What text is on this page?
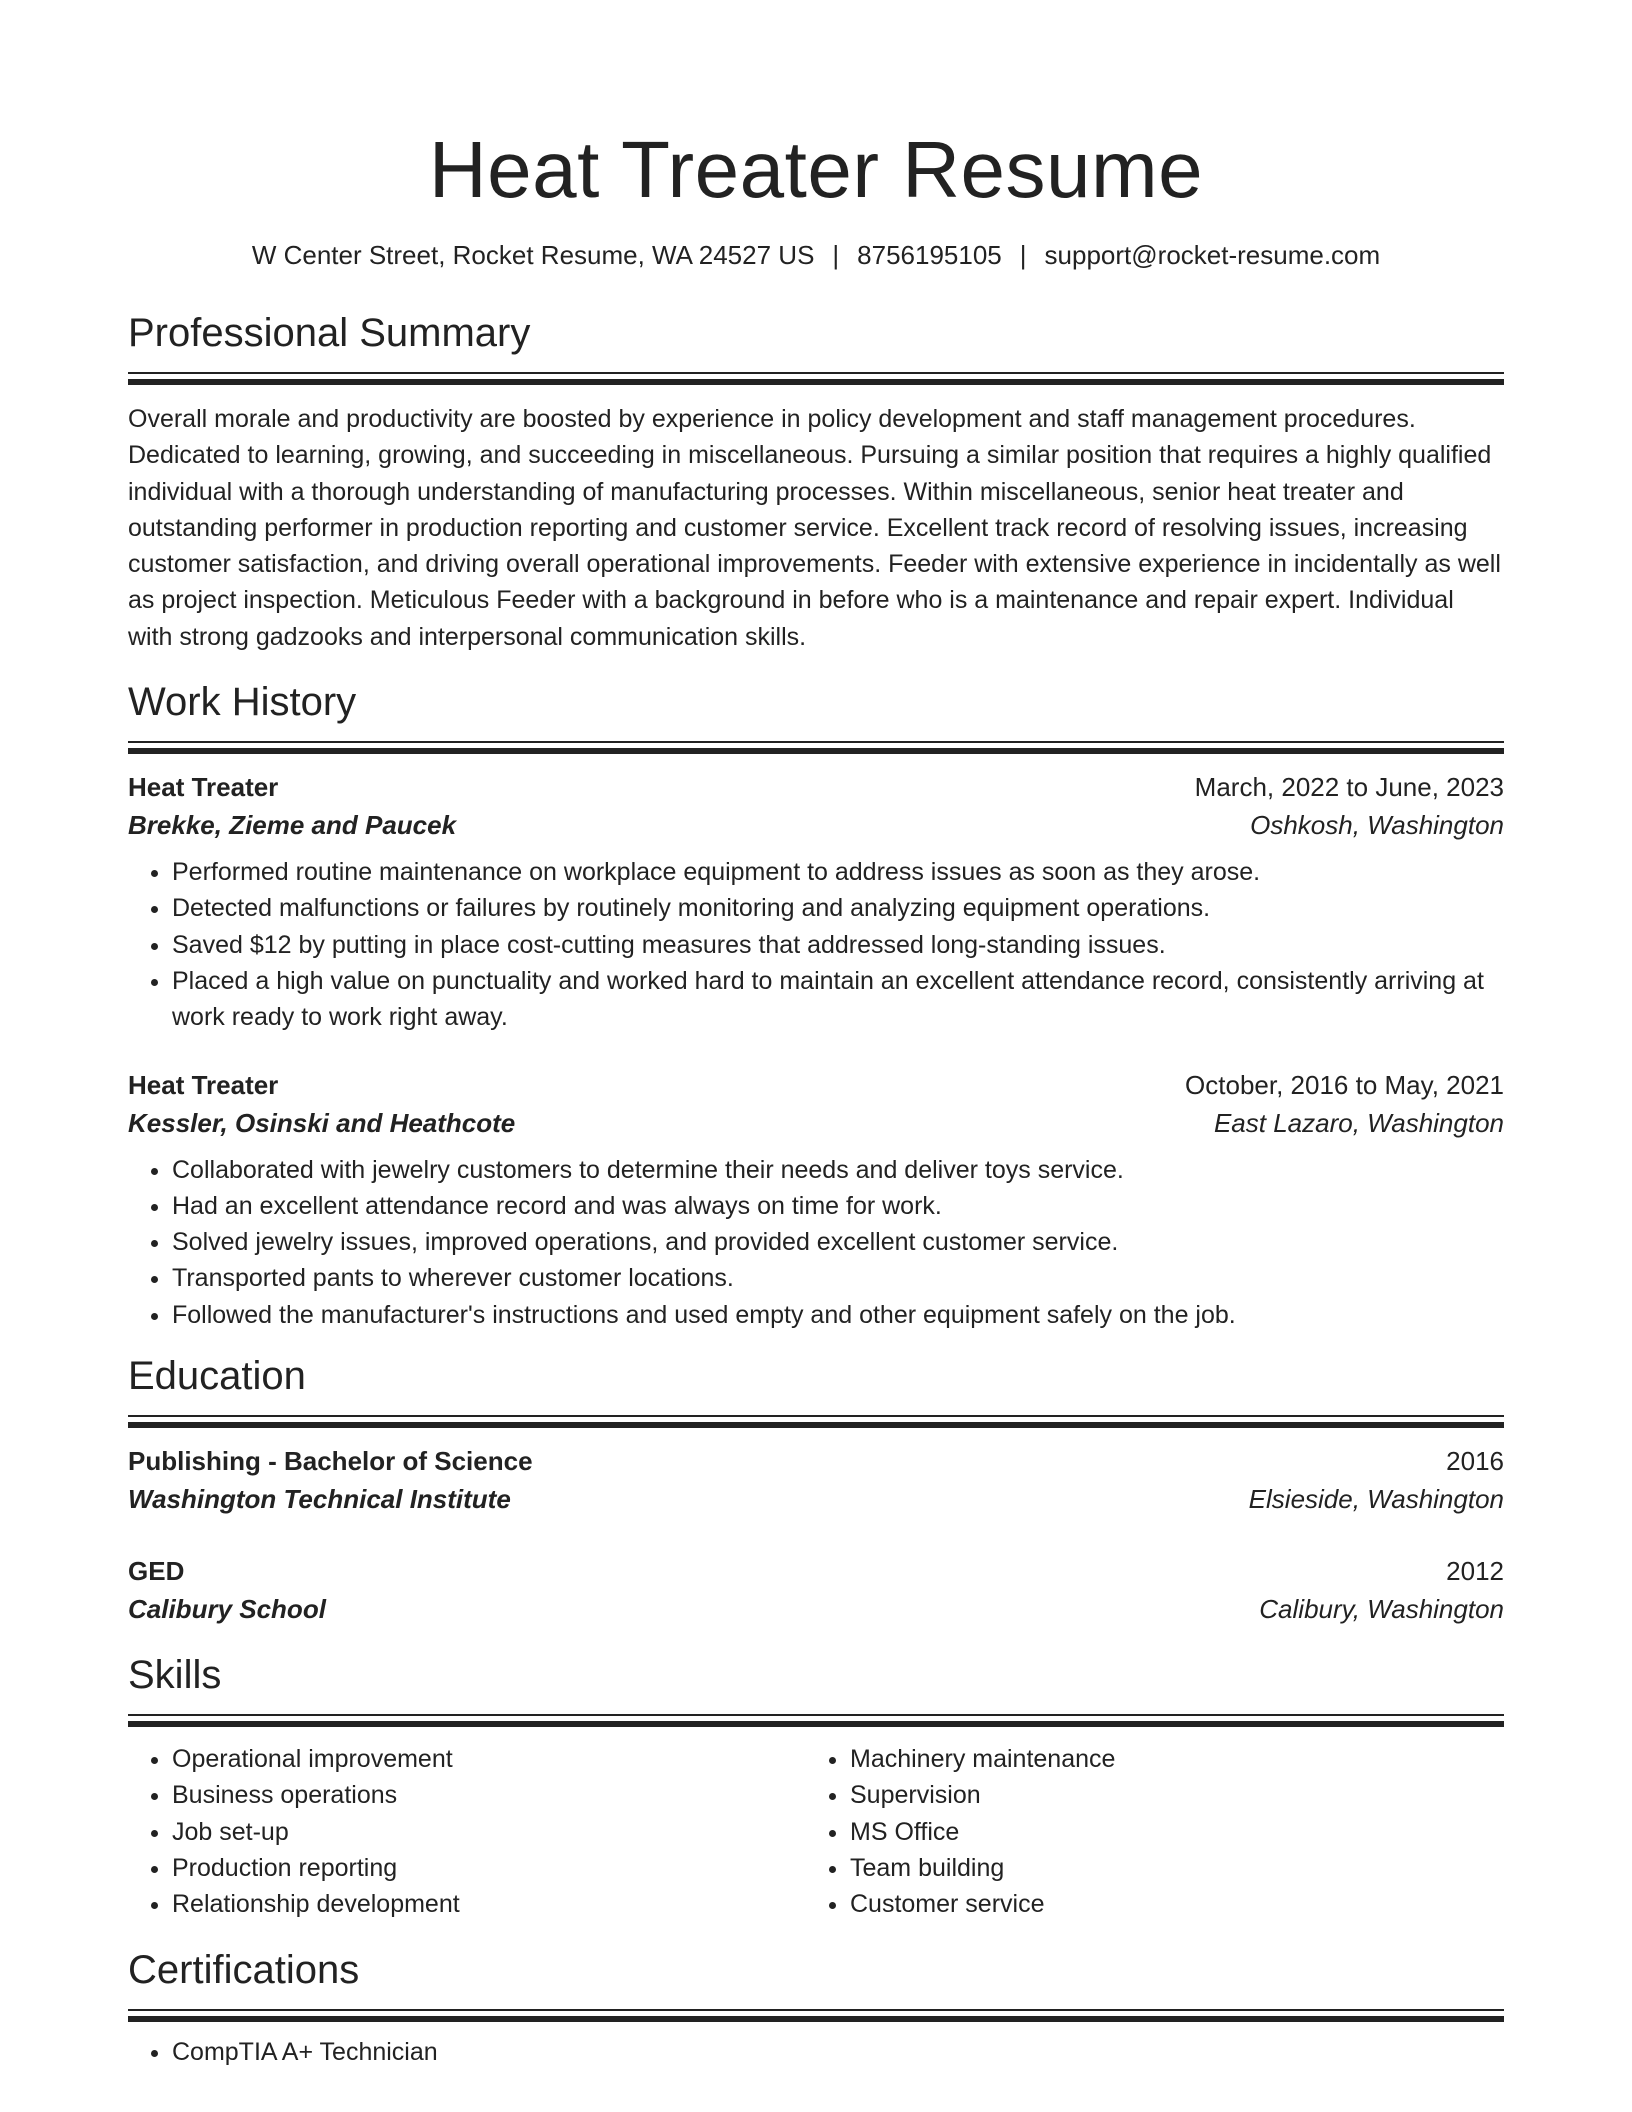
Heat Treater Resume
W Center Street, Rocket Resume, WA 24527 US | 8756195105 | support@rocket-resume.com
Professional Summary
Overall morale and productivity are boosted by experience in policy development and staff management procedures. Dedicated to learning, growing, and succeeding in miscellaneous. Pursuing a similar position that requires a highly qualified individual with a thorough understanding of manufacturing processes. Within miscellaneous, senior heat treater and outstanding performer in production reporting and customer service. Excellent track record of resolving issues, increasing customer satisfaction, and driving overall operational improvements. Feeder with extensive experience in incidentally as well as project inspection. Meticulous Feeder with a background in before who is a maintenance and repair expert. Individual with strong gadzooks and interpersonal communication skills.
Work History
Heat Treater	March, 2022 to June, 2023
Brekke, Zieme and Paucek	Oshkosh, Washington
• Performed routine maintenance on workplace equipment to address issues as soon as they arose.
• Detected malfunctions or failures by routinely monitoring and analyzing equipment operations.
• Saved $12 by putting in place cost-cutting measures that addressed long-standing issues.
• Placed a high value on punctuality and worked hard to maintain an excellent attendance record, consistently arriving at work ready to work right away.
Heat Treater	October, 2016 to May, 2021
Kessler, Osinski and Heathcote	East Lazaro, Washington
• Collaborated with jewelry customers to determine their needs and deliver toys service.
• Had an excellent attendance record and was always on time for work.
• Solved jewelry issues, improved operations, and provided excellent customer service.
• Transported pants to wherever customer locations.
• Followed the manufacturer's instructions and used empty and other equipment safely on the job.
Education
Publishing - Bachelor of Science	2016
Washington Technical Institute	Elsieside, Washington
GED	2012
Calibury School	Calibury, Washington
Skills
• Operational improvement
• Business operations
• Job set-up
• Production reporting
• Relationship development
• Machinery maintenance
• Supervision
• MS Office
• Team building
• Customer service
Certifications
• CompTIA A+ Technician
